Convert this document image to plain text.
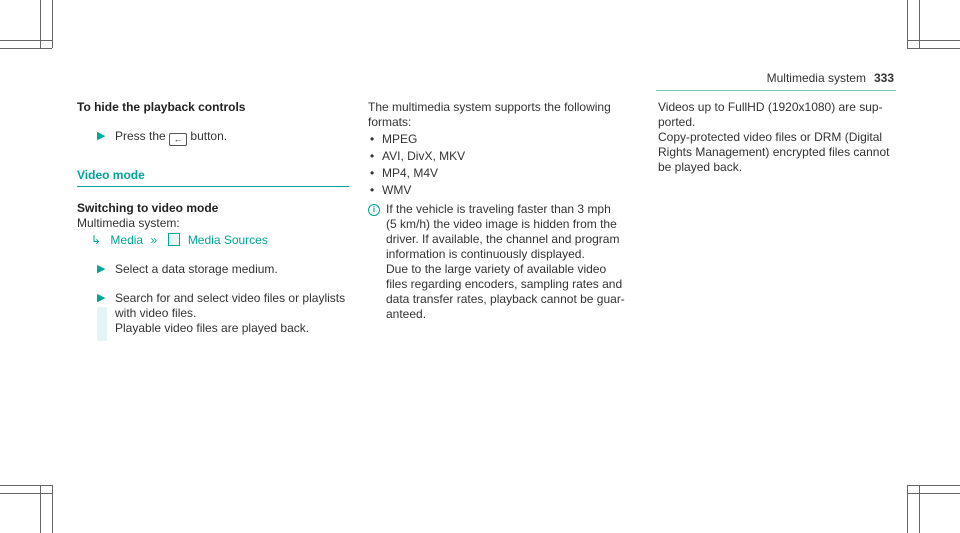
Multimedia system 333
To hide the playback controls
▶ Press the ← button.
Video mode
Switching to video mode
Multimedia system:
↳ Media »	Media Sources
▶ Select a data storage medium.
▶ Search for and select video files or playlists
with video files.
Playable video files are played back.
The multimedia system supports the following
formats:
• MPEG
• AVI, DivX, MKV
• MP4, M4V
• WMV
i If the vehicle is traveling faster than 3 mph
(5 km/h) the video image is hidden from the
driver. If available, the channel and program
information is continuously displayed.
Due to the large variety of available video
files regarding encoders, sampling rates and
data transfer rates, playback cannot be guar-
anteed.
Videos up to FullHD (1920x1080) are sup-
ported.
Copy-protected video files or DRM (Digital
Rights Management) encrypted files cannot
be played back.
